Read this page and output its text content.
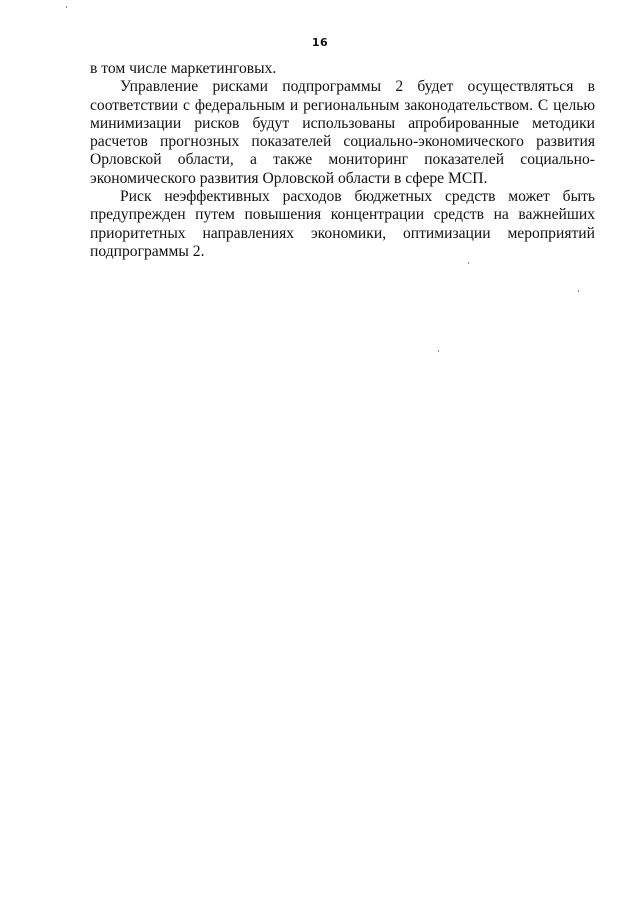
16

в том числе маркетинговых.

Управление рисками подпрограммы 2 будет осуществляться в соответствии с федеральным и региональным законодательством. С целью минимизации рисков будут использованы апробированные методики расчетов прогнозных показателей социально-экономического развития Орловской области, а также мониторинг показателей социально-экономического развития Орловской области в сфере МСП.

Риск неэффективных расходов бюджетных средств может быть предупрежден путем повышения концентрации средств на важнейших приоритетных направлениях экономики, оптимизации мероприятий подпрограммы 2.
